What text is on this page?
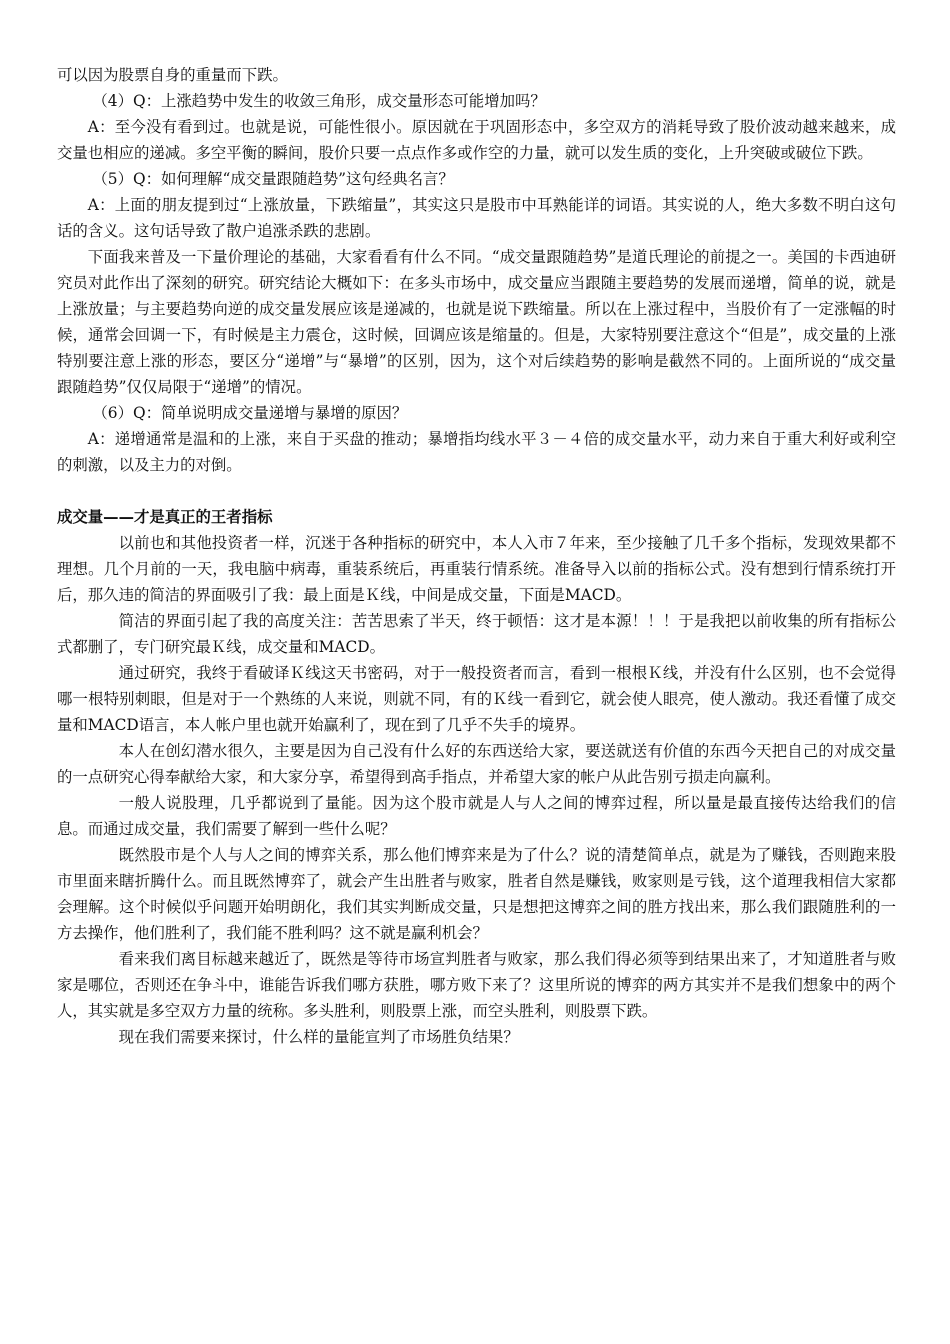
可以因为股票自身的重量而下跌。

（4）Q：上涨趋势中发生的收敛三角形，成交量形态可能增加吗？

A：至今没有看到过。也就是说，可能性很小。原因就在于巩固形态中，多空双方的消耗导致了股价波动越来越来，成交量也相应的递减。多空平衡的瞬间，股价只要一点点作多或作空的力量，就可以发生质的变化，上升突破或破位下跌。

（5）Q：如何理解“成交量跟随趋势”这句经典名言？

A：上面的朋友提到过“上涨放量，下跌缩量”，其实这只是股市中耳熟能详的词语。其实说的人，绝大多数不明白这句话的含义。这句话导致了散户追涨杀跌的悲剧。

下面我来普及一下量价理论的基础，大家看看有什么不同。“成交量跟随趋势”是道氏理论的前提之一。美国的卡西迪研究员对此作出了深刻的研究。研究结论大概如下：在多头市场中，成交量应当跟随主要趋势的发展而递增，简单的说，就是上涨放量；与主要趋势向逆的成交量发展应该是递减的，也就是说下跌缩量。所以在上涨过程中，当股价有了一定涨幅的时候，通常会回调一下，有时候是主力震仓，这时候，回调应该是缩量的。但是，大家特别要注意这个“但是”，成交量的上涨特别要注意上涨的形态，要区分“递增”与“暴增”的区别，因为，这个对后续趋势的影响是截然不同的。上面所说的“成交量跟随趋势”仅仅局限于“递增”的情况。

（6）Q：简单说明成交量递增与暴增的原因？

A：递增通常是温和的上涨，来自于买盘的推动；暴增指均线水平３－４倍的成交量水平，动力来自于重大利好或利空的刺激，以及主力的对倒。

成交量——才是真正的王者指标

以前也和其他投资者一样，沉迷于各种指标的研究中，本人入市７年来，至少接触了几千多个指标，发现效果都不理想。几个月前的一天，我电脑中病毒，重装系统后，再重装行情系统。准备导入以前的指标公式。没有想到行情系统打开后，那久违的简洁的界面吸引了我：最上面是Ｋ线，中间是成交量，下面是MACD。

简洁的界面引起了我的高度关注：苦苦思索了半天，终于顿悟：这才是本源！！！于是我把以前收集的所有指标公式都删了，专门研究最Ｋ线，成交量和MACD。

通过研究，我终于看破译Ｋ线这天书密码，对于一般投资者而言，看到一根根Ｋ线，并没有什么区别，也不会觉得哪一根特别刺眼，但是对于一个熟练的人来说，则就不同，有的Ｋ线一看到它，就会使人眼亮，使人激动。我还看懂了成交量和MACD语言，本人帐户里也就开始赢利了，现在到了几乎不失手的境界。

本人在创幻潜水很久，主要是因为自己没有什么好的东西送给大家，要送就送有价值的东西今天把自己的对成交量的一点研究心得奉献给大家，和大家分享，希望得到高手指点，并希望大家的帐户从此告别亏损走向赢利。

一般人说股理，几乎都说到了量能。因为这个股市就是人与人之间的博弈过程，所以量是最直接传达给我们的信息。而通过成交量，我们需要了解到一些什么呢？

既然股市是个人与人之间的博弈关系，那么他们博弈来是为了什么？说的清楚简单点，就是为了赚钱，否则跑来股市里面来瞎折腾什么。而且既然博弈了，就会产生出胜者与败家，胜者自然是赚钱，败家则是亏钱，这个道理我相信大家都会理解。这个时候似乎问题开始明朗化，我们其实判断成交量，只是想把这博弈之间的胜方找出来，那么我们跟随胜利的一方去操作，他们胜利了，我们能不胜利吗？这不就是赢利机会？

看来我们离目标越来越近了，既然是等待市场宣判胜者与败家，那么我们得必须等到结果出来了，才知道胜者与败家是哪位，否则还在争斗中，谁能告诉我们哪方获胜，哪方败下来了？这里所说的博弈的两方其实并不是我们想象中的两个人，其实就是多空双方力量的统称。多头胜利，则股票上涨，而空头胜利，则股票下跌。

现在我们需要来探讨，什么样的量能宣判了市场胜负结果？
